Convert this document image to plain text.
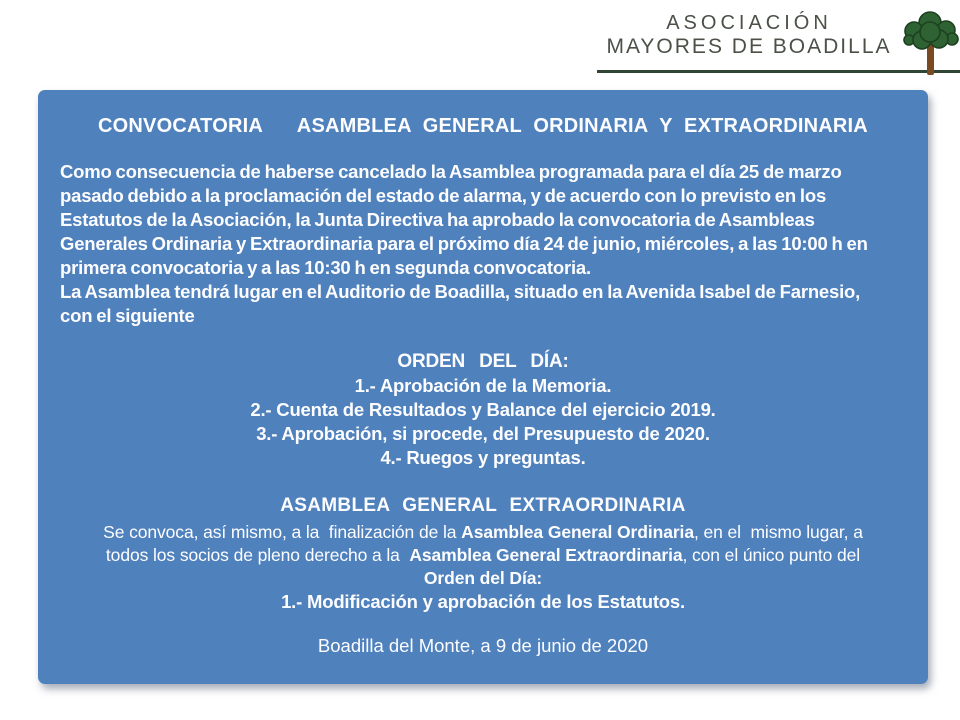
ASOCIACIÓN
MAYORES DE BOADILLA
CONVOCATORIA   ASAMBLEA GENERAL ORDINARIA Y EXTRAORDINARIA
Como consecuencia de haberse cancelado la Asamblea programada para el día 25 de marzo
pasado debido a la proclamación del estado de alarma, y de acuerdo con lo previsto en los
Estatutos de la Asociación, la Junta Directiva ha aprobado la convocatoria de Asambleas
Generales Ordinaria y Extraordinaria para el próximo día 24 de junio, miércoles, a las 10:00 h en
primera convocatoria y a las 10:30 h en segunda convocatoria.
La Asamblea tendrá lugar en el Auditorio de Boadilla, situado en la Avenida Isabel de Farnesio,
con el siguiente
ORDEN  DEL  DÍA:
1.- Aprobación de la Memoria.
2.- Cuenta de Resultados y Balance del ejercicio 2019.
3.- Aprobación, si procede, del Presupuesto de 2020.
4.- Ruegos y preguntas.
ASAMBLEA GENERAL EXTRAORDINARIA
Se convoca, así mismo, a la  finalización de la Asamblea General Ordinaria, en el  mismo lugar, a
todos los socios de pleno derecho a la  Asamblea General Extraordinaria, con el único punto del
Orden del Día:
1.- Modificación y aprobación de los Estatutos.
Boadilla del Monte, a 9 de junio de 2020
